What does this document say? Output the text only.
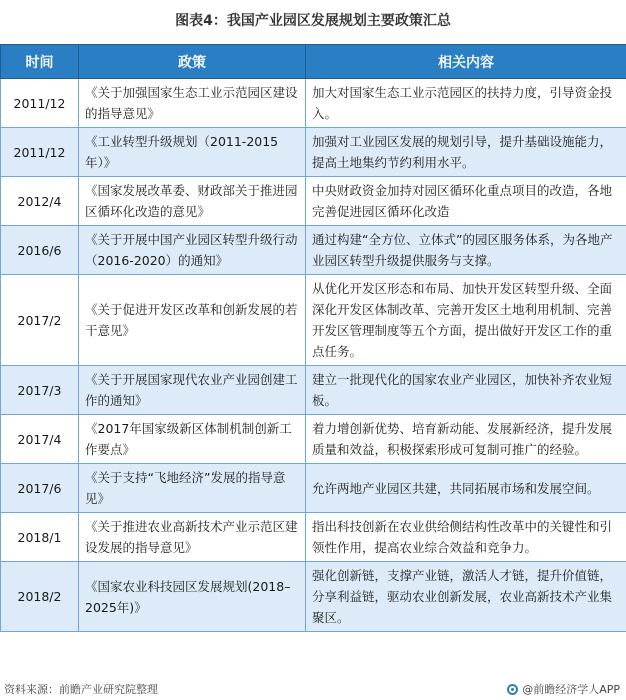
图表4：我国产业园区发展规划主要政策汇总
时间	政策	相关内容
2011/12	《关于加强国家生态工业示范园区建设的指导意见》	加大对国家生态工业示范园区的扶持力度，引导资金投入。
2011/12	《工业转型升级规划（2011-2015年）》	加强对工业园区发展的规划引导，提升基础设施能力，提高土地集约节约利用水平。
2012/4	《国家发展改革委、财政部关于推进园区循环化改造的意见》	中央财政资金加持对园区循环化重点项目的改造，各地完善促进园区循环化改造
2016/6	《关于开展中国产业园区转型升级行动（2016-2020）的通知》	通过构建“全方位、立体式”的园区服务体系，为各地产业园区转型升级提供服务与支撑。
2017/2	《关于促进开发区改革和创新发展的若干意见》	从优化开发区形态和布局、加快开发区转型升级、全面深化开发区体制改革、完善开发区土地利用机制、完善开发区管理制度等五个方面，提出做好开发区工作的重点任务。
2017/3	《关于开展国家现代农业产业园创建工作的通知》	建立一批现代化的国家农业产业园区，加快补齐农业短板。
2017/4	《2017年国家级新区体制机制创新工作要点》	着力增创新优势、培育新动能、发展新经济，提升发展质量和效益，积极探索形成可复制可推广的经验。
2017/6	《关于支持“飞地经济”发展的指导意见》	允许两地产业园区共建，共同拓展市场和发展空间。
2018/1	《关于推进农业高新技术产业示范区建设发展的指导意见》	指出科技创新在农业供给侧结构性改革中的关键性和引领性作用，提高农业综合效益和竞争力。
2018/2	《国家农业科技园区发展规划(2018–2025年)》	强化创新链，支撑产业链，激活人才链，提升价值链，分享利益链，驱动农业创新发展，农业高新技术产业集聚区。
资料来源：前瞻产业研究院整理	@前瞻经济学人APP
